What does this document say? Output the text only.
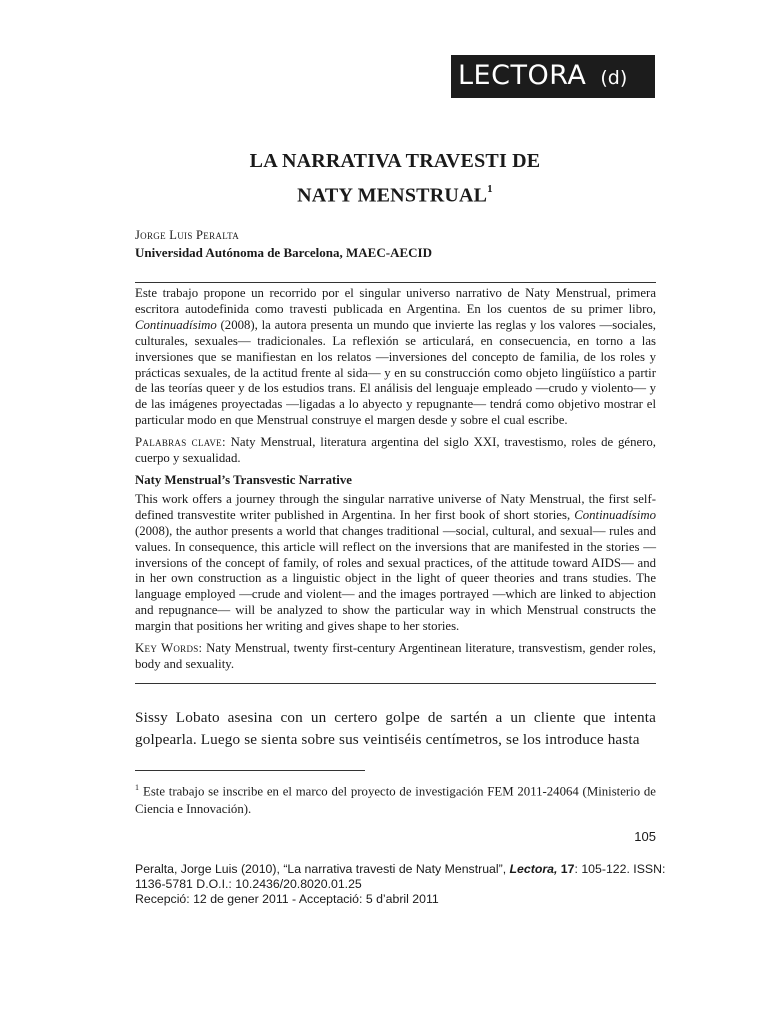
LECTORA (d)
LA NARRATIVA TRAVESTI DE
NATY MENSTRUAL$^1$
Jorge Luis Peralta
Universidad Autónoma de Barcelona, MAEC-AECID

Este trabajo propone un recorrido por el singular universo narrativo de Naty Menstrual, primera escritora autodefinida como travesti publicada en Argentina. En los cuentos de su primer libro, Continuadísimo (2008), la autora presenta un mundo que invierte las reglas y los valores —sociales, culturales, sexuales— tradicionales. La reflexión se articulará, en consecuencia, en torno a las inversiones que se manifiestan en los relatos —inversiones del concepto de familia, de los roles y prácticas sexuales, de la actitud frente al sida— y en su construcción como objeto lingüístico a partir de las teorías queer y de los estudios trans. El análisis del lenguaje empleado —crudo y violento— y de las imágenes proyectadas —ligadas a lo abyecto y repugnante— tendrá como objetivo mostrar el particular modo en que Menstrual construye el margen desde y sobre el cual escribe.

Palabras clave: Naty Menstrual, literatura argentina del siglo XXI, travestismo, roles de género, cuerpo y sexualidad.

Naty Menstrual’s Transvestic Narrative

This work offers a journey through the singular narrative universe of Naty Menstrual, the first self-defined transvestite writer published in Argentina. In her first book of short stories, Continuadísimo (2008), the author presents a world that changes traditional —social, cultural, and sexual— rules and values. In consequence, this article will reflect on the inversions that are manifested in the stories —inversions of the concept of family, of roles and sexual practices, of the attitude toward AIDS— and in her own construction as a linguistic object in the light of queer theories and trans studies. The language employed —crude and violent— and the images portrayed —which are linked to abjection and repugnance— will be analyzed to show the particular way in which Menstrual constructs the margin that positions her writing and gives shape to her stories.

Key Words: Naty Menstrual, twenty first-century Argentinean literature, transvestism, gender roles, body and sexuality.

Sissy Lobato asesina con un certero golpe de sartén a un cliente que intenta golpearla. Luego se sienta sobre sus veintiséis centímetros, se los introduce hasta

$^1$ Este trabajo se inscribe en el marco del proyecto de investigación FEM 2011-24064 (Ministerio de Ciencia e Innovación).

105
Peralta, Jorge Luis (2010), “La narrativa travesti de Naty Menstrual”, Lectora, 17: 105-122. ISSN:
1136-5781 D.O.I.: 10.2436/20.8020.01.25
Recepció: 12 de gener 2011 - Acceptació: 5 d’abril 2011
